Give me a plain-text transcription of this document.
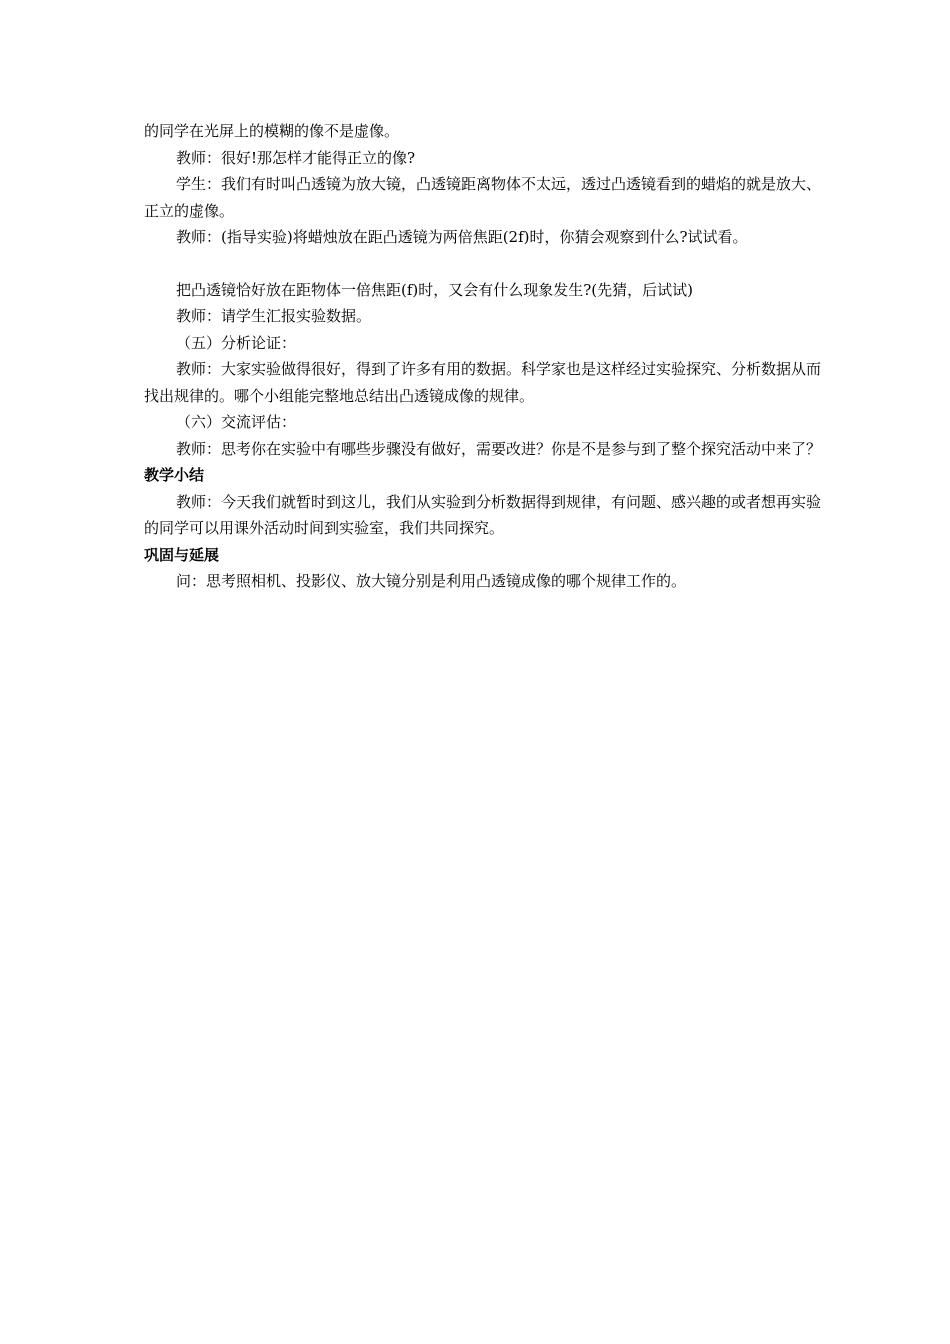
的同学在光屏上的模糊的像不是虚像。

教师：很好!那怎样才能得正立的像?

学生：我们有时叫凸透镜为放大镜，凸透镜距离物体不太远，透过凸透镜看到的蜡焰的就是放大、正立的虚像。

教师：(指导实验)将蜡烛放在距凸透镜为两倍焦距(2f)时，你猜会观察到什么?试试看。

把凸透镜恰好放在距物体一倍焦距(f)时，又会有什么现象发生?(先猜，后试试)

教师：请学生汇报实验数据。

（五）分析论证：

教师：大家实验做得很好，得到了许多有用的数据。科学家也是这样经过实验探究、分析数据从而找出规律的。哪个小组能完整地总结出凸透镜成像的规律。

（六）交流评估：

教师：思考你在实验中有哪些步骤没有做好，需要改进？你是不是参与到了整个探究活动中来了？

教学小结

教师：今天我们就暂时到这儿，我们从实验到分析数据得到规律，有问题、感兴趣的或者想再实验的同学可以用课外活动时间到实验室，我们共同探究。

巩固与延展

问：思考照相机、投影仪、放大镜分别是利用凸透镜成像的哪个规律工作的。
